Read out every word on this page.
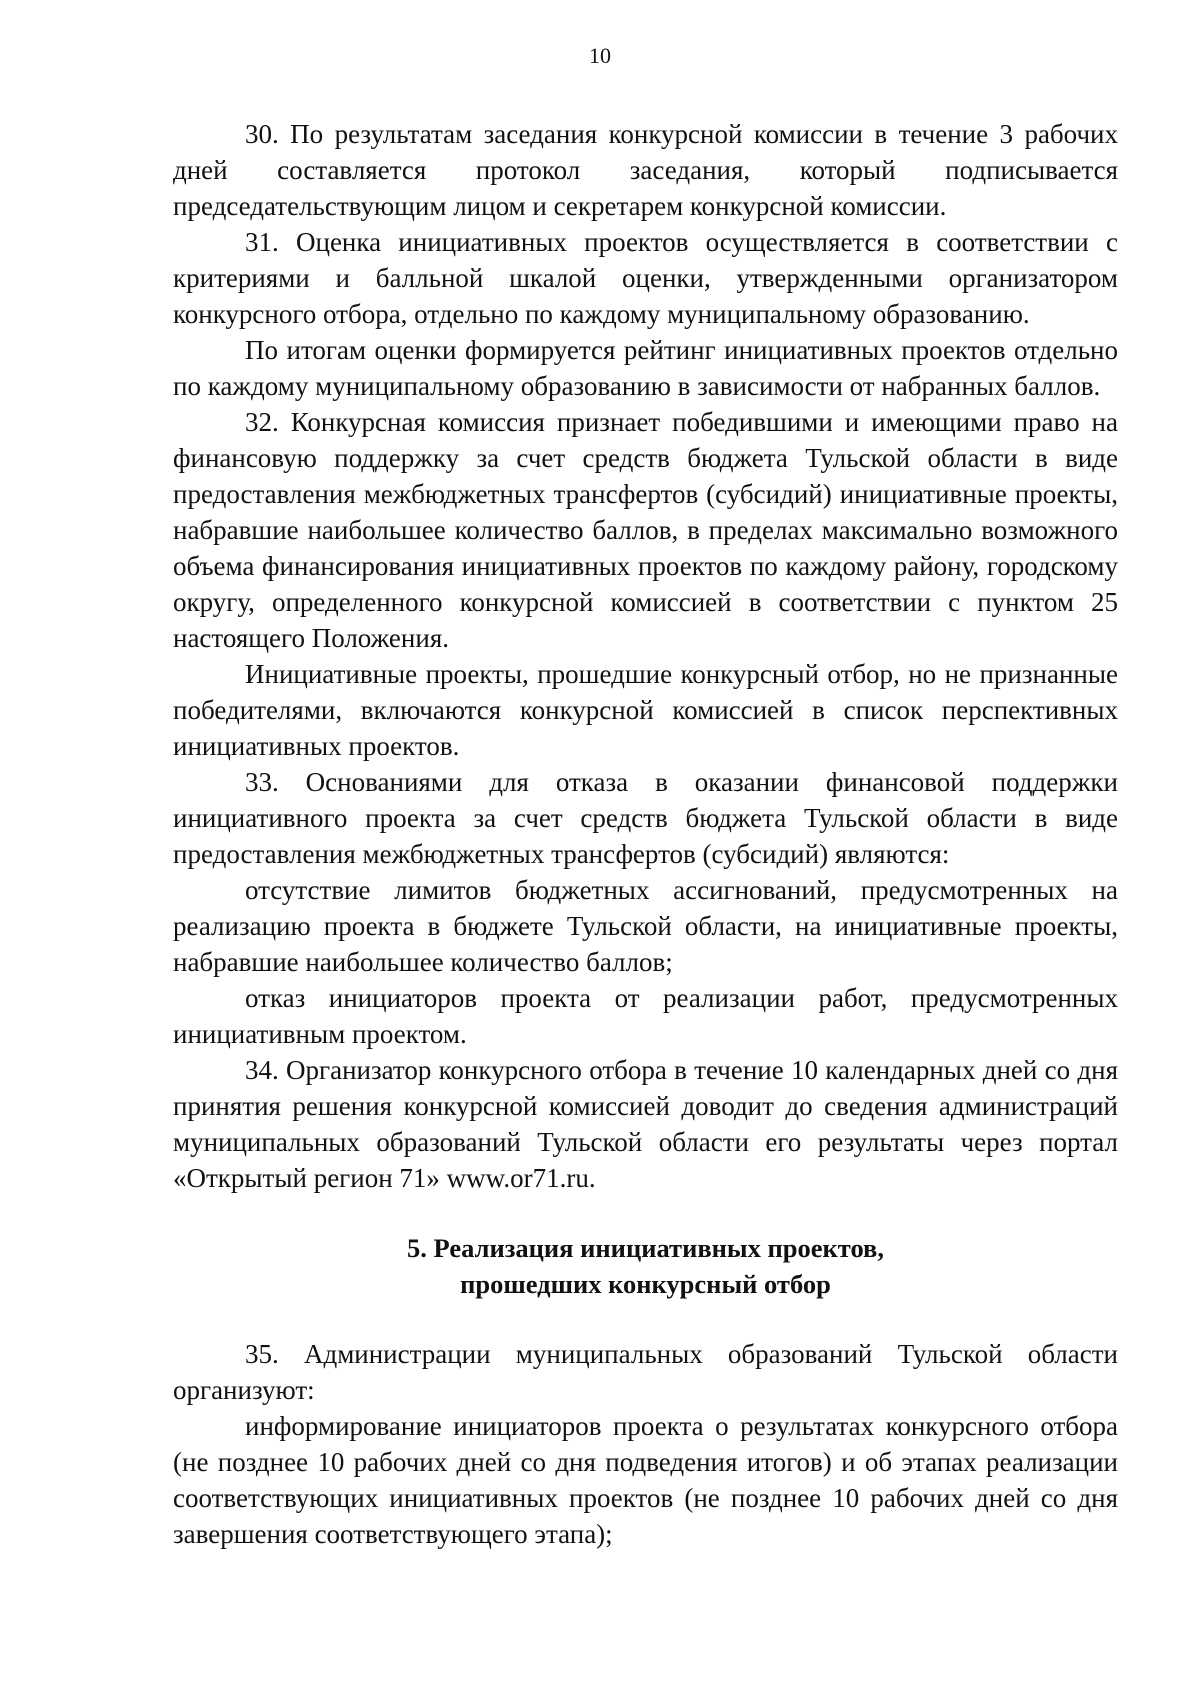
10

30. По результатам заседания конкурсной комиссии в течение 3 рабочих дней составляется протокол заседания, который подписывается председательствующим лицом и секретарем конкурсной комиссии.

31. Оценка инициативных проектов осуществляется в соответствии с критериями и балльной шкалой оценки, утвержденными организатором конкурсного отбора, отдельно по каждому муниципальному образованию.

По итогам оценки формируется рейтинг инициативных проектов отдельно по каждому муниципальному образованию в зависимости от набранных баллов.

32. Конкурсная комиссия признает победившими и имеющими право на финансовую поддержку за счет средств бюджета Тульской области в виде предоставления межбюджетных трансфертов (субсидий) инициативные проекты, набравшие наибольшее количество баллов, в пределах максимально возможного объема финансирования инициативных проектов по каждому району, городскому округу, определенного конкурсной комиссией в соответствии с пунктом 25 настоящего Положения.

Инициативные проекты, прошедшие конкурсный отбор, но не признанные победителями, включаются конкурсной комиссией в список перспективных инициативных проектов.

33. Основаниями для отказа в оказании финансовой поддержки инициативного проекта за счет средств бюджета Тульской области в виде предоставления межбюджетных трансфертов (субсидий) являются:

отсутствие лимитов бюджетных ассигнований, предусмотренных на реализацию проекта в бюджете Тульской области, на инициативные проекты, набравшие наибольшее количество баллов;

отказ инициаторов проекта от реализации работ, предусмотренных инициативным проектом.

34. Организатор конкурсного отбора в течение 10 календарных дней со дня принятия решения конкурсной комиссией доводит до сведения администраций муниципальных образований Тульской области его результаты через портал «Открытый регион 71» www.or71.ru.

5. Реализация инициативных проектов,
прошедших конкурсный отбор

35. Администрации муниципальных образований Тульской области организуют:

информирование инициаторов проекта о результатах конкурсного отбора (не позднее 10 рабочих дней со дня подведения итогов) и об этапах реализации соответствующих инициативных проектов (не позднее 10 рабочих дней со дня завершения соответствующего этапа);
